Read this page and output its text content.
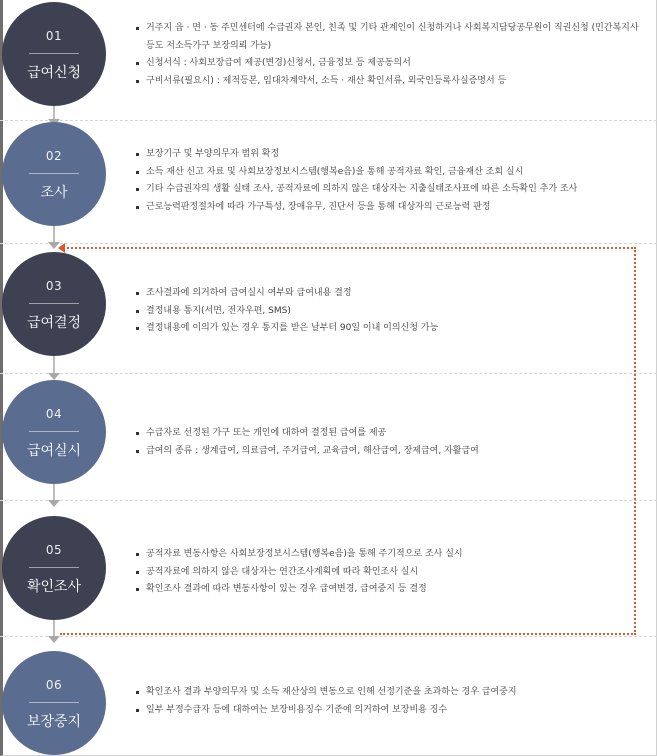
01
급여신청
거주지 읍 · 면 · 동 주민센터에 수급권자 본인, 친족 및 기타 관계인이 신청하거나 사회복지담당공무원이 직권신청 (민간복지사 등도 저소득가구 보장의뢰 가능)
신청서식 : 사회보장급여 제공(변경)신청서, 금융정보 등 제공동의서
구비서류(필요시) : 제적등본, 임대차계약서, 소득 · 재산 확인서류, 외국인등록사실증명서 등
02
조사
보장기구 및 부양의무자 범위 확정
소득 재산 신고 자료 및 사회보장정보시스템(행복e음)을 통해 공적자료 확인, 금융재산 조회 실시
기타 수급권자의 생활 실태 조사, 공적자료에 의하지 않은 대상자는 지출실태조사표에 따른 소득확인 추가 조사
근로능력판정절차에 따라 가구특성, 장애유무, 진단서 등을 통해 대상자의 근로능력 판정
03
급여결정
조사결과에 의거하여 급여실시 여부와 급여내용 결정
결정내용 통지(서면, 전자우편, SMS)
결정내용에 이의가 있는 경우 통지를 받은 날부터 90일 이내 이의신청 가능
04
급여실시
수급자로 선정된 가구 또는 개인에 대하여 결정된 급여를 제공
급여의 종류 : 생계급여, 의료급여, 주거급여, 교육급여, 해산급여, 장제급여, 자활급여
05
확인조사
공적자료 변동사항은 사회보장정보시스템(행복e음)을 통해 주기적으로 조사 실시
공적자료에 의하지 않은 대상자는 연간조사계획에 따라 확인조사 실시
확인조사 결과에 따라 변동사항이 있는 경우 급여변경, 급여중지 등 결정
06
보장중지
확인조사 결과 부양의무자 및 소득 재산상의 변동으로 인해 선정기준을 초과하는 경우 급여중지
일부 부정수급자 등에 대하여는 보장비용징수 기준에 의거하여 보장비용 징수
